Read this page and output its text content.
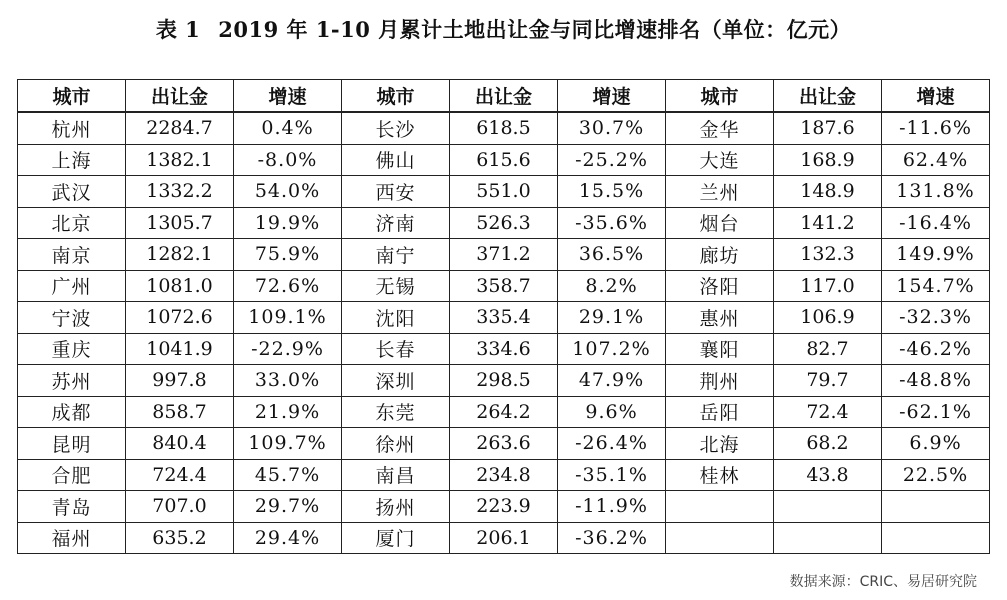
表 1 2019 年 1-10 月累计土地出让金与同比增速排名（单位：亿元）
城市	出让金	增速	城市	出让金	增速	城市	出让金	增速
杭州	2284.7	0.4%	长沙	618.5	30.7%	金华	187.6	-11.6%
上海	1382.1	-8.0%	佛山	615.6	-25.2%	大连	168.9	62.4%
武汉	1332.2	54.0%	西安	551.0	15.5%	兰州	148.9	131.8%
北京	1305.7	19.9%	济南	526.3	-35.6%	烟台	141.2	-16.4%
南京	1282.1	75.9%	南宁	371.2	36.5%	廊坊	132.3	149.9%
广州	1081.0	72.6%	无锡	358.7	8.2%	洛阳	117.0	154.7%
宁波	1072.6	109.1%	沈阳	335.4	29.1%	惠州	106.9	-32.3%
重庆	1041.9	-22.9%	长春	334.6	107.2%	襄阳	82.7	-46.2%
苏州	997.8	33.0%	深圳	298.5	47.9%	荆州	79.7	-48.8%
成都	858.7	21.9%	东莞	264.2	9.6%	岳阳	72.4	-62.1%
昆明	840.4	109.7%	徐州	263.6	-26.4%	北海	68.2	6.9%
合肥	724.4	45.7%	南昌	234.8	-35.1%	桂林	43.8	22.5%
青岛	707.0	29.7%	扬州	223.9	-11.9%			
福州	635.2	29.4%	厦门	206.1	-36.2%			
数据来源：CRIC、易居研究院
